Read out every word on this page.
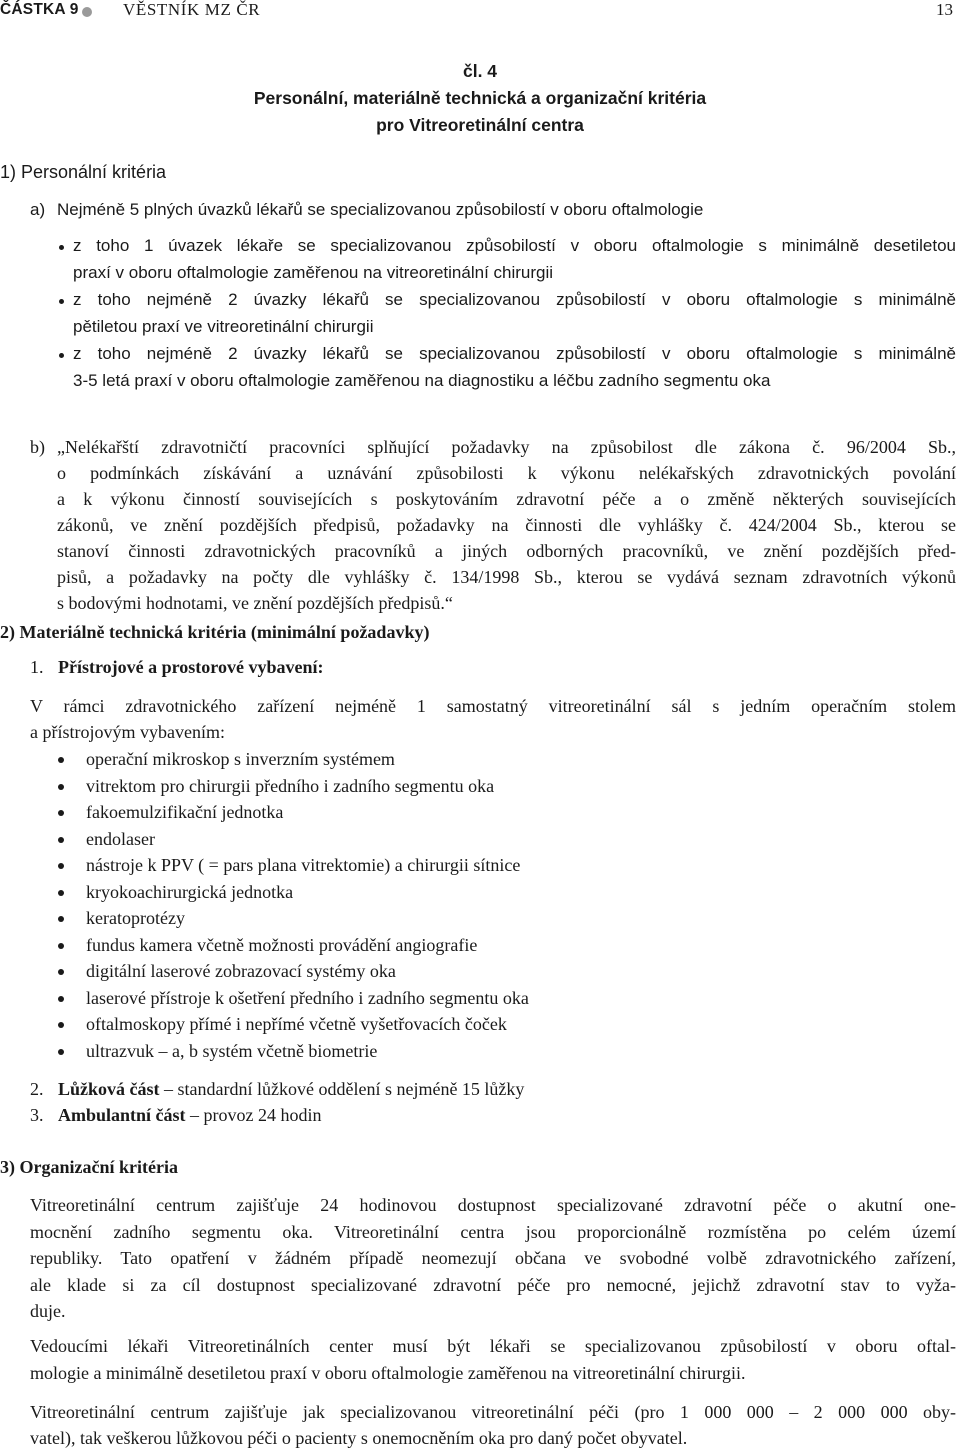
ČÁSTKA 9	VĚSTNÍK MZ ČR	13
čl. 4
Personální, materiálně technická a organizační kritéria
pro Vitreoretinální centra
1) Personální kritéria
a) Nejméně 5 plných úvazků lékařů se specializovanou způsobilostí v oboru oftalmologie
z toho 1 úvazek lékaře se specializovanou způsobilostí v oboru oftalmologie s minimálně desetiletou
praxí v oboru oftalmologie zaměřenou na vitreoretinální chirurgii
z toho nejméně 2 úvazky lékařů se specializovanou způsobilostí v oboru oftalmologie s minimálně
pětiletou praxí ve vitreoretinální chirurgii
z toho nejméně 2 úvazky lékařů se specializovanou způsobilostí v oboru oftalmologie s minimálně
3-5 letá praxí v oboru oftalmologie zaměřenou na diagnostiku a léčbu zadního segmentu oka
b) „Nelékařští zdravotničtí pracovníci splňující požadavky na způsobilost dle zákona č. 96/2004 Sb.,
o podmínkách získávání a uznávání způsobilosti k výkonu nelékařských zdravotnických povolání
a k výkonu činností souvisejících s poskytováním zdravotní péče a o změně některých souvisejících
zákonů, ve znění pozdějších předpisů, požadavky na činnosti dle vyhlášky č. 424/2004 Sb., kterou se
stanoví činnosti zdravotnických pracovníků a jiných odborných pracovníků, ve znění pozdějších před-
pisů, a požadavky na počty dle vyhlášky č. 134/1998 Sb., kterou se vydává seznam zdravotních výkonů
s bodovými hodnotami, ve znění pozdějších předpisů.“
2) Materiálně technická kritéria (minimální požadavky)
1. Přístrojové a prostorové vybavení:
V rámci zdravotnického zařízení nejméně 1 samostatný vitreoretinální sál s jedním operačním stolem
a přístrojovým vybavením:
operační mikroskop s inverzním systémem
vitrektom pro chirurgii předního i zadního segmentu oka
fakoemulzifikační jednotka
endolaser
nástroje k PPV ( = pars plana vitrektomie) a chirurgii sítnice
kryokoachirurgická jednotka
keratoprotézy
fundus kamera včetně možnosti provádění angiografie
digitální laserové zobrazovací systémy oka
laserové přístroje k ošetření předního i zadního segmentu oka
oftalmoskopy přímé i nepřímé včetně vyšetřovacích čoček
ultrazvuk – a, b systém včetně biometrie
2. Lůžková část – standardní lůžkové oddělení s nejméně 15 lůžky
3. Ambulantní část – provoz 24 hodin
3) Organizační kritéria
Vitreoretinální centrum zajišťuje 24 hodinovou dostupnost specializované zdravotní péče o akutní one-
mocnění zadního segmentu oka. Vitreoretinální centra jsou proporcionálně rozmístěna po celém území
republiky. Tato opatření v žádném případě neomezují občana ve svobodné volbě zdravotnického zařízení,
ale klade si za cíl dostupnost specializované zdravotní péče pro nemocné, jejichž zdravotní stav to vyža-
duje.
Vedoucími lékaři Vitreoretinálních center musí být lékaři se specializovanou způsobilostí v oboru oftal-
mologie a minimálně desetiletou praxí v oboru oftalmologie zaměřenou na vitreoretinální chirurgii.
Vitreoretinální centrum zajišťuje jak specializovanou vitreoretinální péči (pro 1 000 000 – 2 000 000 oby-
vatel), tak veškerou lůžkovou péči o pacienty s onemocněním oka pro daný počet obyvatel.
